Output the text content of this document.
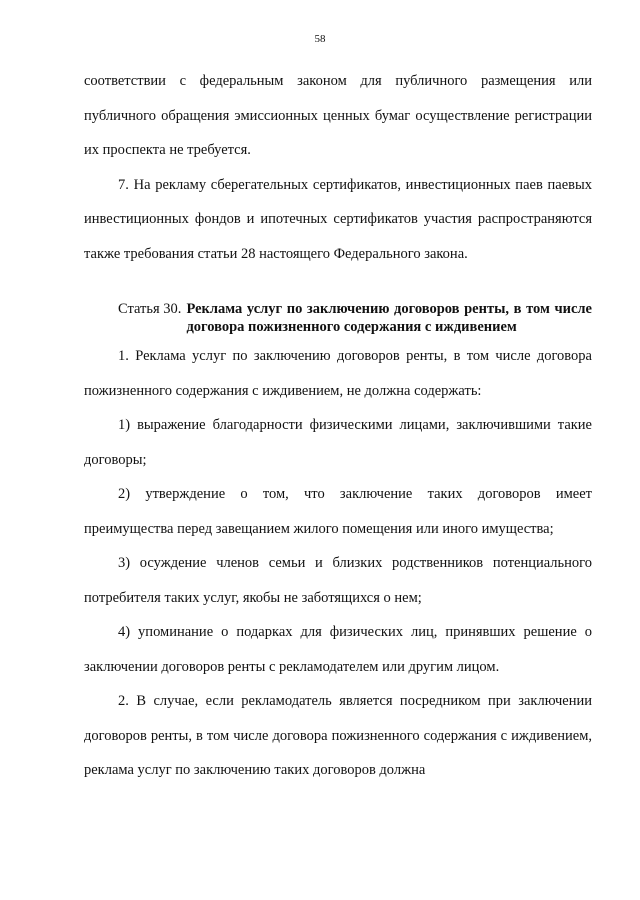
58

соответствии с федеральным законом для публичного размещения или публичного обращения эмиссионных ценных бумаг осуществление регистрации их проспекта не требуется.

7. На рекламу сберегательных сертификатов, инвестиционных паев паевых инвестиционных фондов и ипотечных сертификатов участия распространяются также требования статьи 28 настоящего Федерального закона.

Статья 30. Реклама услуг по заключению договоров ренты, в том числе договора пожизненного содержания с иждивением

1. Реклама услуг по заключению договоров ренты, в том числе договора пожизненного содержания с иждивением, не должна содержать:

1) выражение благодарности физическими лицами, заключившими такие договоры;

2) утверждение о том, что заключение таких договоров имеет преимущества перед завещанием жилого помещения или иного имущества;

3) осуждение членов семьи и близких родственников потенциального потребителя таких услуг, якобы не заботящихся о нем;

4) упоминание о подарках для физических лиц, принявших решение о заключении договоров ренты с рекламодателем или другим лицом.

2. В случае, если рекламодатель является посредником при заключении договоров ренты, в том числе договора пожизненного содержания с иждивением, реклама услуг по заключению таких договоров должна
